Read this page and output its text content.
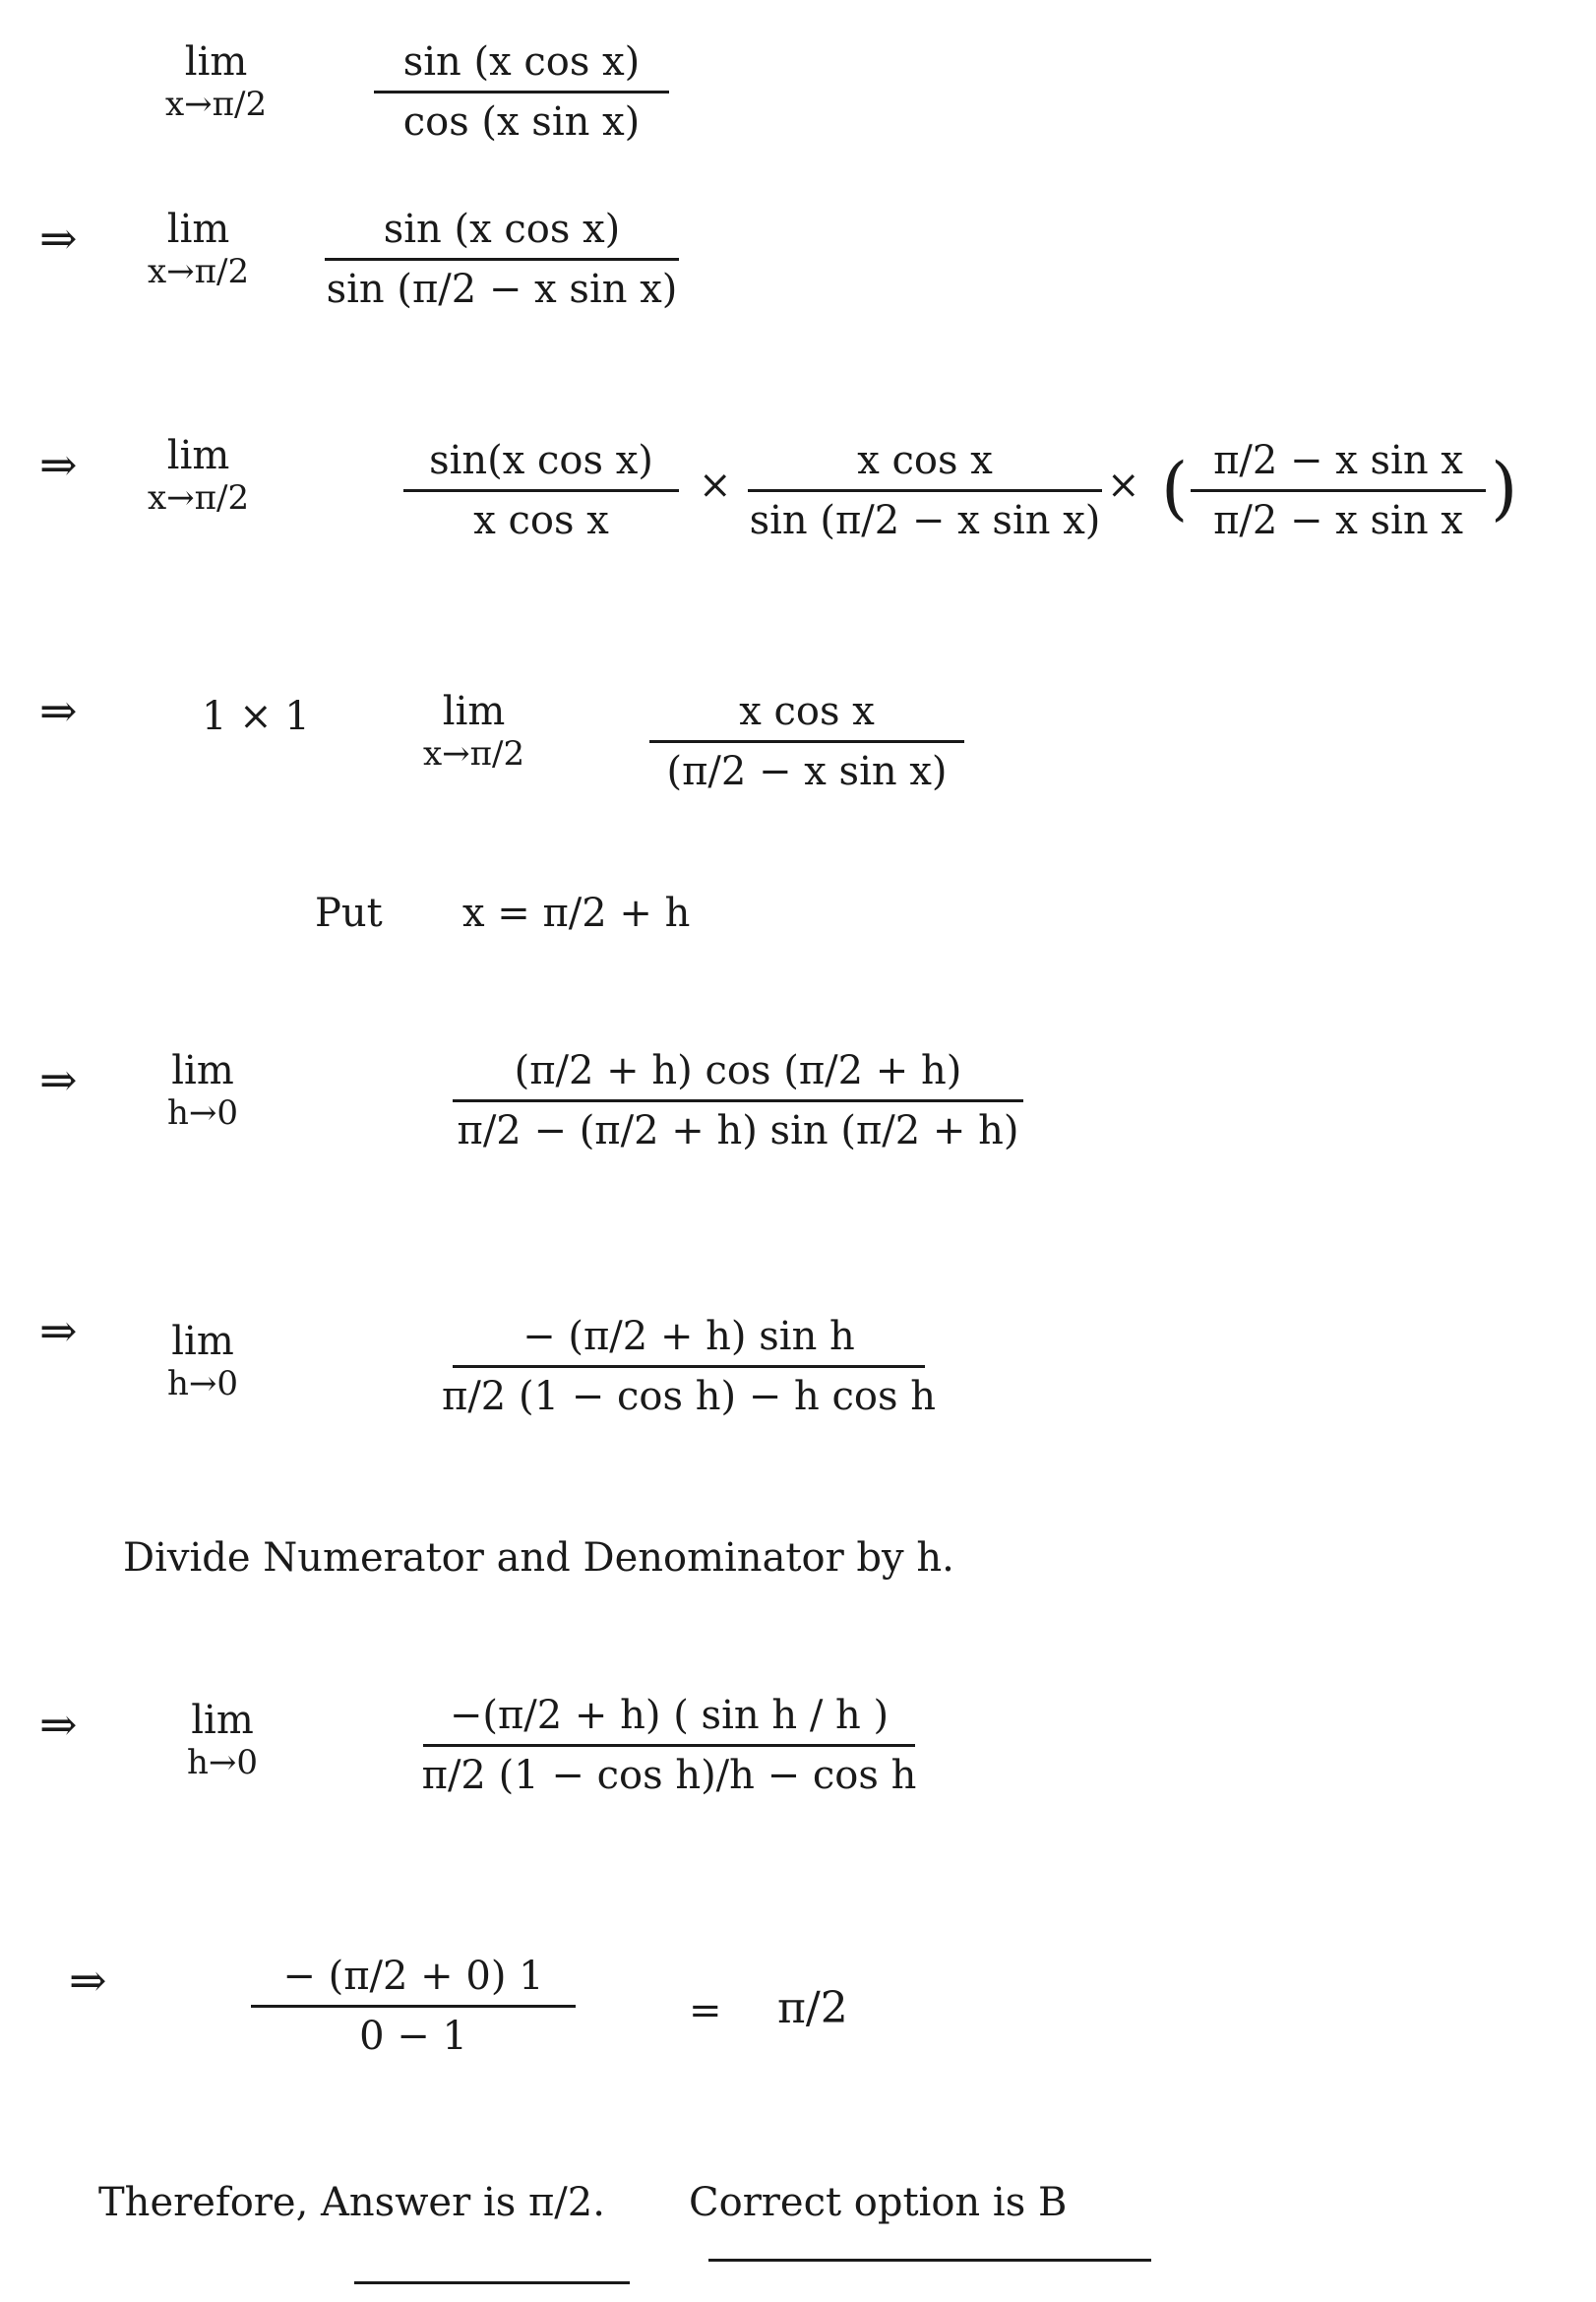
lim
x→π/2
sin (x cos x)
cos (x sin x)
⇒ lim
x→π/2
sin (x cos x)
sin (π/2 − x sin x)
⇒ lim
x→π/2
sin(x cos x)
x cos x
×
x cos x
sin (π/2 − x sin x)
× ( π/2 − x sin x
π/2 − x sin x )
⇒	1 × 1	lim
x→π/2
x cos x
(π/2 − x sin x)
Put x = π/2 + h
⇒ lim
h→0
(π/2 + h) cos (π/2 + h)
π/2 − (π/2 + h) sin (π/2 + h)
⇒ lim
h→0
− (π/2 + h) sin h
π/2 (1 − cos h) − h cos h
Divide Numerator and Denominator by h.
⇒	lim
h→0
−(π/2 + h) ( sin h / h )
π/2 (1 − cos h)/h − cos h
⇒	− (π/2 + 0) 1
0 − 1
= π/2
Therefore, Answer is π/2. Correct option is B
